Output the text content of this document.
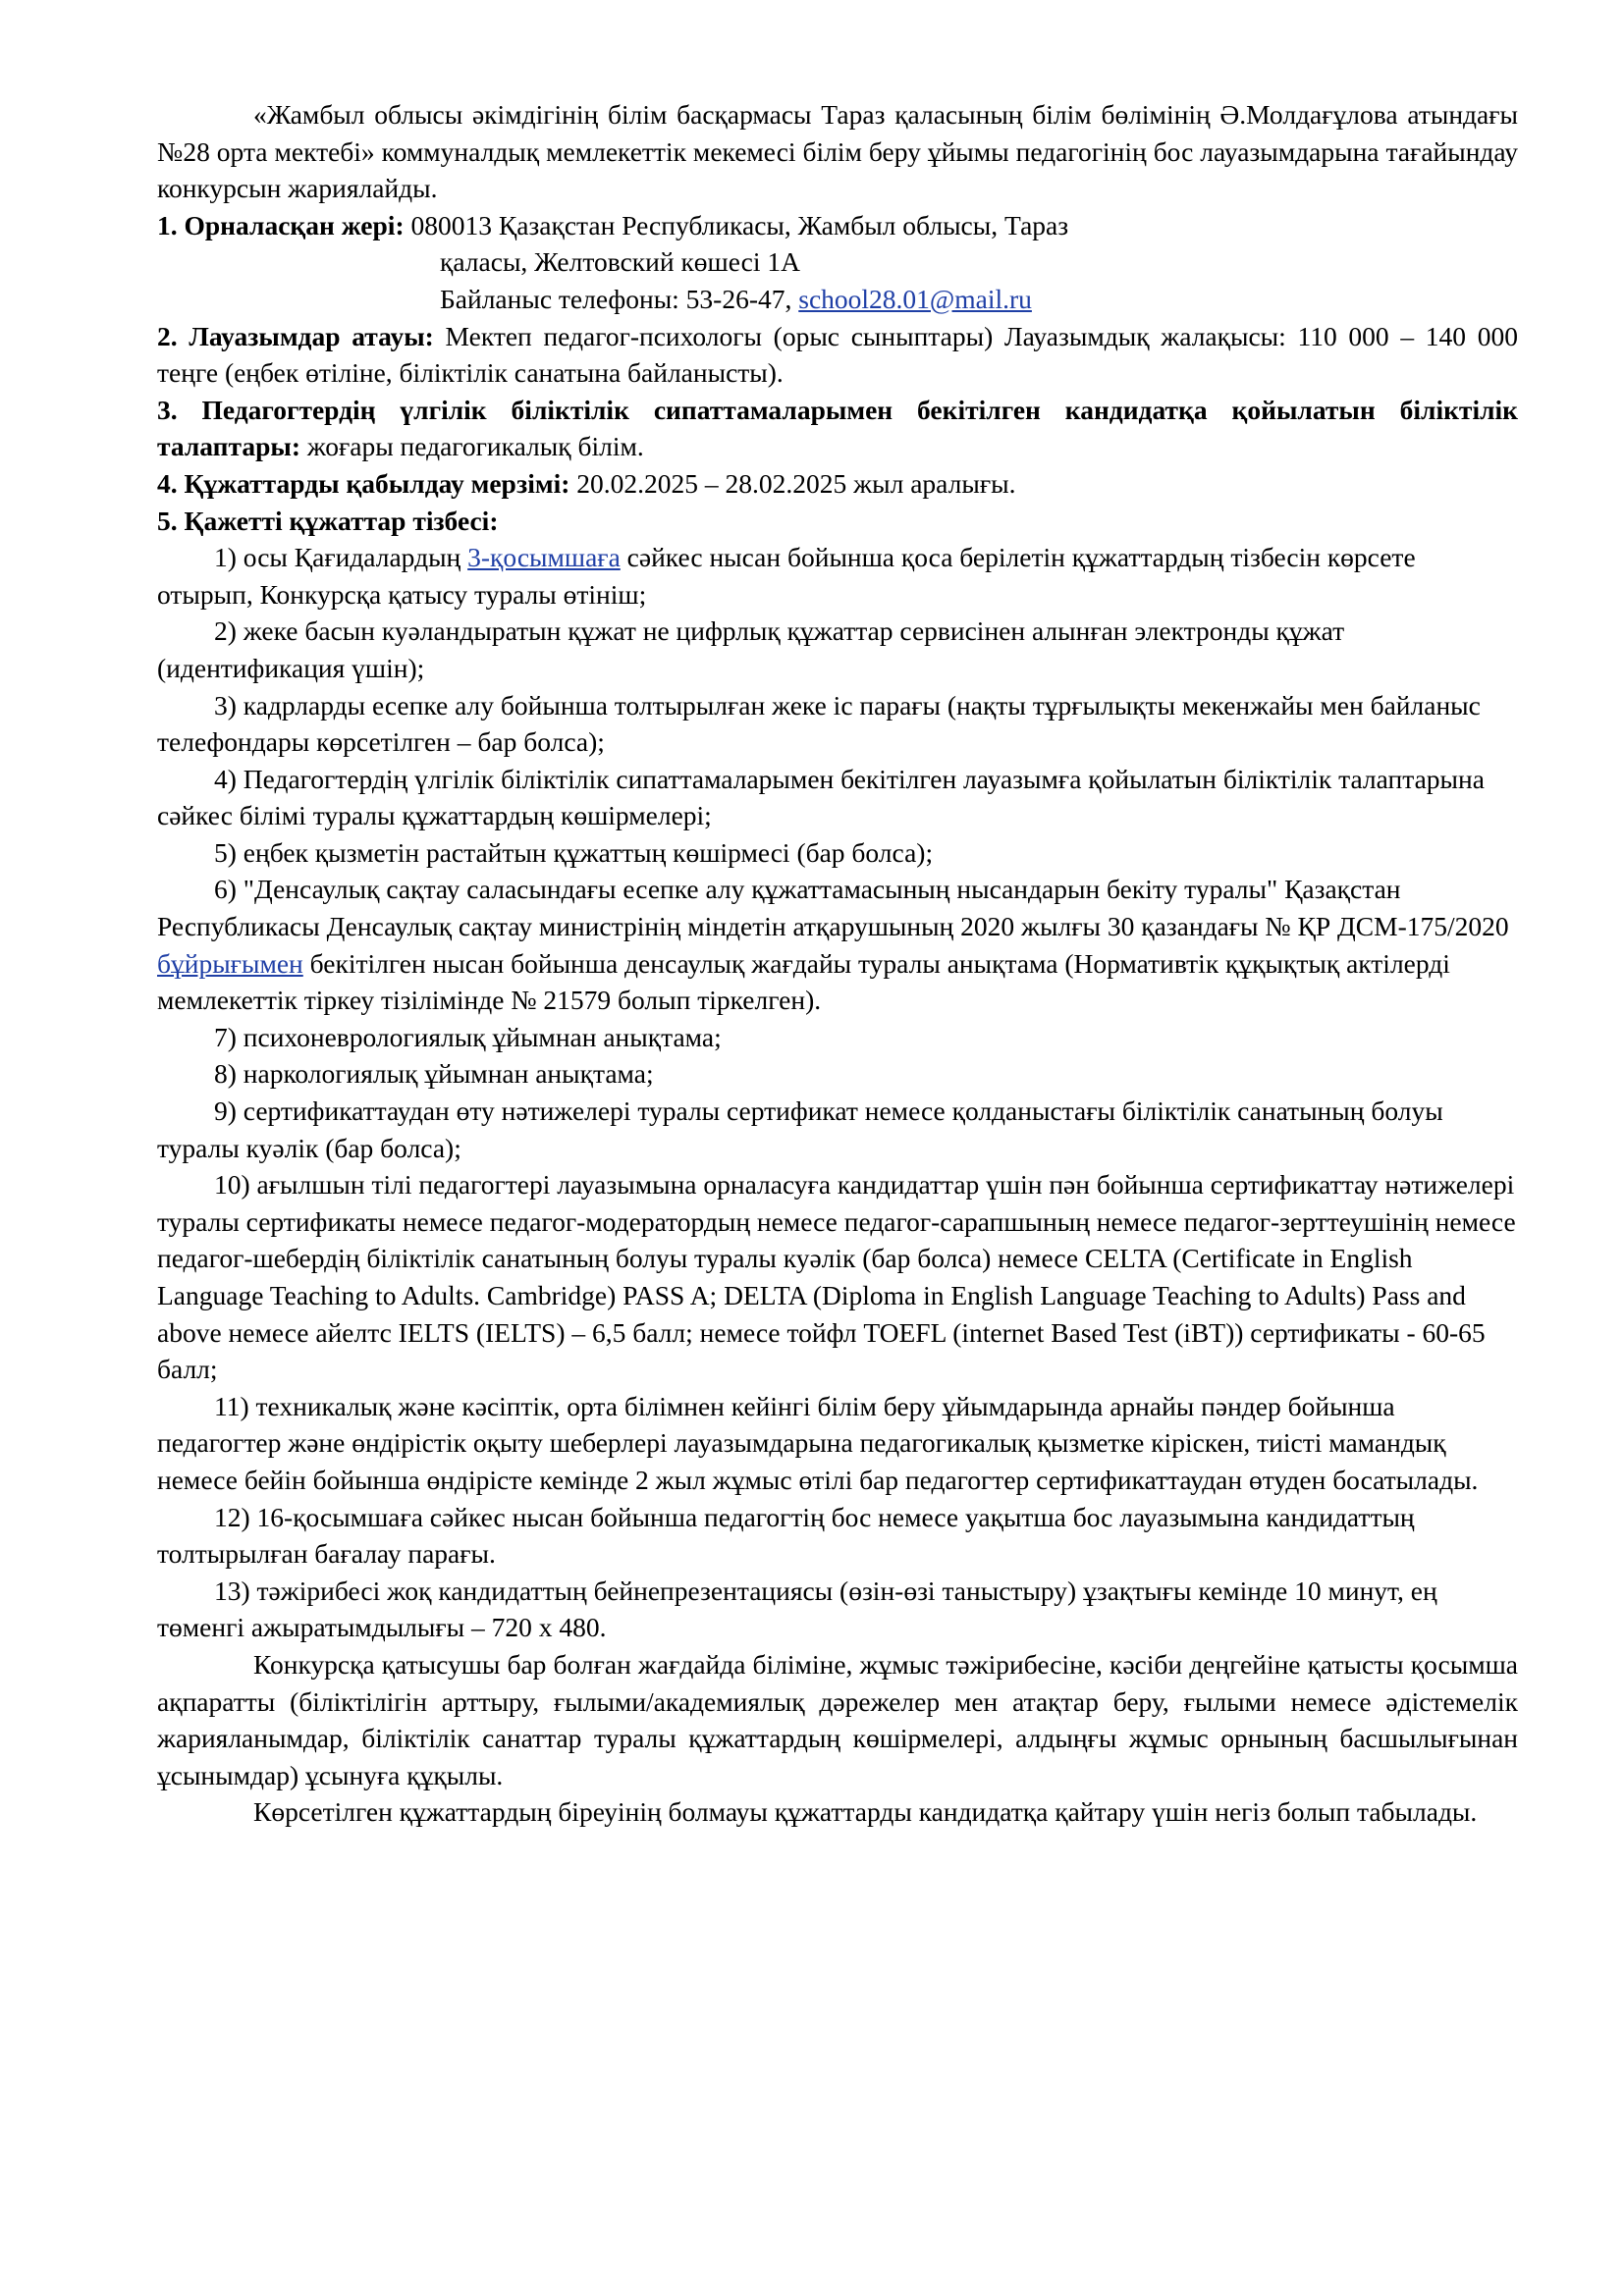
«Жамбыл облысы әкімдігінің білім басқармасы Тараз қаласының білім бөлімінің Ә.Молдағұлова атындағы №28 орта мектебі» коммуналдық мемлекеттік мекемесі білім беру ұйымы педагогінің бос лауазымдарына тағайындау конкурсын жариялайды.

1. Орналасқан жері: 080013 Қазақстан Республикасы, Жамбыл облысы, Тараз

қаласы, Желтовский көшесі 1А

Байланыс телефоны: 53-26-47, school28.01@mail.ru

2. Лауазымдар атауы: Мектеп педагог-психологы (орыс сыныптары) Лауазымдық жалақысы: 110 000 – 140 000 теңге (еңбек өтіліне, біліктілік санатына байланысты).

3. Педагогтердің үлгілік біліктілік сипаттамаларымен бекітілген кандидатқа қойылатын біліктілік талаптары: жоғары педагогикалық білім.

4. Құжаттарды қабылдау мерзімі: 20.02.2025 – 28.02.2025 жыл аралығы.

5. Қажетті құжаттар тізбесі:

1) осы Қағидалардың 3-қосымшаға сәйкес нысан бойынша қоса берілетін құжаттардың тізбесін көрсете отырып, Конкурсқа қатысу туралы өтініш;

2) жеке басын куәландыратын құжат не цифрлық құжаттар сервисінен алынған электронды құжат (идентификация үшін);

3) кадрларды есепке алу бойынша толтырылған жеке іс парағы (нақты тұрғылықты мекенжайы мен байланыс телефондары көрсетілген – бар болса);

4) Педагогтердің үлгілік біліктілік сипаттамаларымен бекітілген лауазымға қойылатын біліктілік талаптарына сәйкес білімі туралы құжаттардың көшірмелері;

5) еңбек қызметін растайтын құжаттың көшірмесі (бар болса);

6) "Денсаулық сақтау саласындағы есепке алу құжаттамасының нысандарын бекіту туралы" Қазақстан Республикасы Денсаулық сақтау министрінің міндетін атқарушының 2020 жылғы 30 қазандағы № ҚР ДСМ-175/2020 бұйрығымен бекітілген нысан бойынша денсаулық жағдайы туралы анықтама (Нормативтік құқықтық актілерді мемлекеттік тіркеу тізілімінде № 21579 болып тіркелген).

7) психоневрологиялық ұйымнан анықтама;

8) наркологиялық ұйымнан анықтама;

9) сертификаттаудан өту нәтижелері туралы сертификат немесе қолданыстағы біліктілік санатының болуы туралы куәлік (бар болса);

10) ағылшын тілі педагогтері лауазымына орналасуға кандидаттар үшін пән бойынша сертификаттау нәтижелері туралы сертификаты немесе педагог-модератордың немесе педагог-сарапшының немесе педагог-зерттеушінің немесе педагог-шебердің біліктілік санатының болуы туралы куәлік (бар болса) немесе CELTA (Certificate in English Language Teaching to Adults. Cambridge) PASS A; DELTA (Diploma in English Language Teaching to Adults) Pass and above немесе айелтс IELTS (IELTS) – 6,5 балл; немесе тойфл TOEFL (internet Based Test (iBT)) сертификаты - 60-65 балл;

11) техникалық және кәсіптік, орта білімнен кейінгі білім беру ұйымдарында арнайы пәндер бойынша педагогтер және өндірістік оқыту шеберлері лауазымдарына педагогикалық қызметке кіріскен, тиісті мамандық немесе бейін бойынша өндірісте кемінде 2 жыл жұмыс өтілі бар педагогтер сертификаттаудан өтуден босатылады.

12) 16-қосымшаға сәйкес нысан бойынша педагогтің бос немесе уақытша бос лауазымына кандидаттың толтырылған бағалау парағы.

13) тәжірибесі жоқ кандидаттың бейнепрезентациясы (өзін-өзі таныстыру) ұзақтығы кемінде 10 минут, ең төменгі ажыратымдылығы – 720 x 480.

Конкурсқа қатысушы бар болған жағдайда біліміне, жұмыс тәжірибесіне, кәсіби деңгейіне қатысты қосымша ақпаратты (біліктілігін арттыру, ғылыми/академиялық дәрежелер мен атақтар беру, ғылыми немесе әдістемелік жарияланымдар, біліктілік санаттар туралы құжаттардың көшірмелері, алдыңғы жұмыс орнының басшылығынан ұсынымдар) ұсынуға құқылы.

Көрсетілген құжаттардың біреуінің болмауы құжаттарды кандидатқа қайтару үшін негіз болып табылады.
